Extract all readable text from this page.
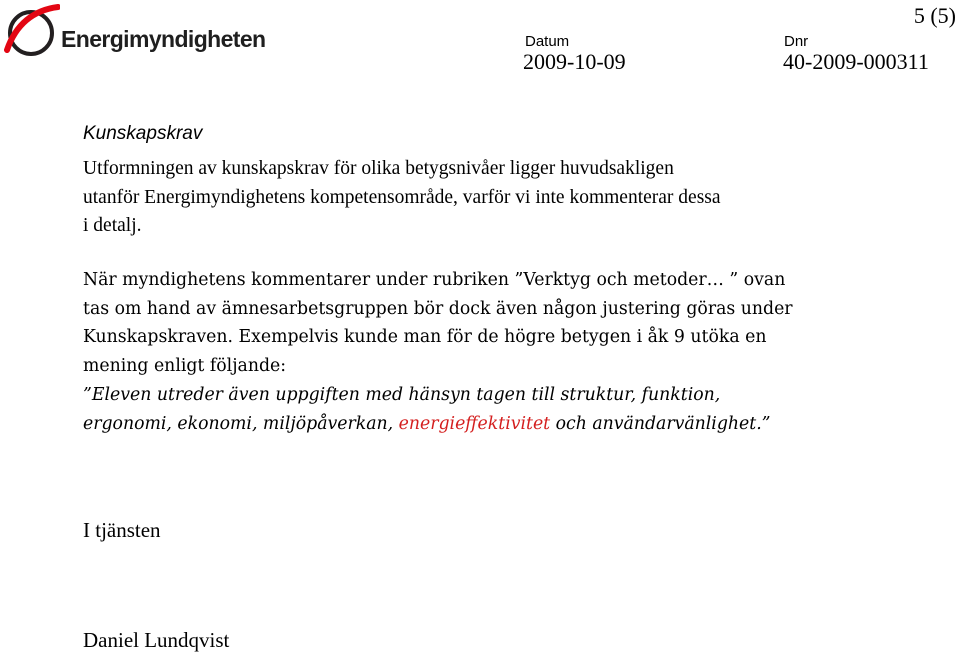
Energimyndigheten
5 (5)
Datum
2009-10-09
Dnr
40-2009-000311
Kunskapskrav

Utformningen av kunskapskrav för olika betygsnivåer ligger huvudsakligen

utanför Energimyndighetens kompetensområde, varför vi inte kommenterar dessa

i detalj.

När myndighetens kommentarer under rubriken ”Verktyg och metoder… ” ovan

tas om hand av ämnesarbetsgruppen bör dock även någon justering göras under

Kunskapskraven. Exempelvis kunde man för de högre betygen i åk 9 utöka en

mening enligt följande:

”Eleven utreder även uppgiften med hänsyn tagen till struktur, funktion,

ergonomi, ekonomi, miljöpåverkan, energieffektivitet och användarvänlighet.”

I tjänsten
Daniel Lundqvist
